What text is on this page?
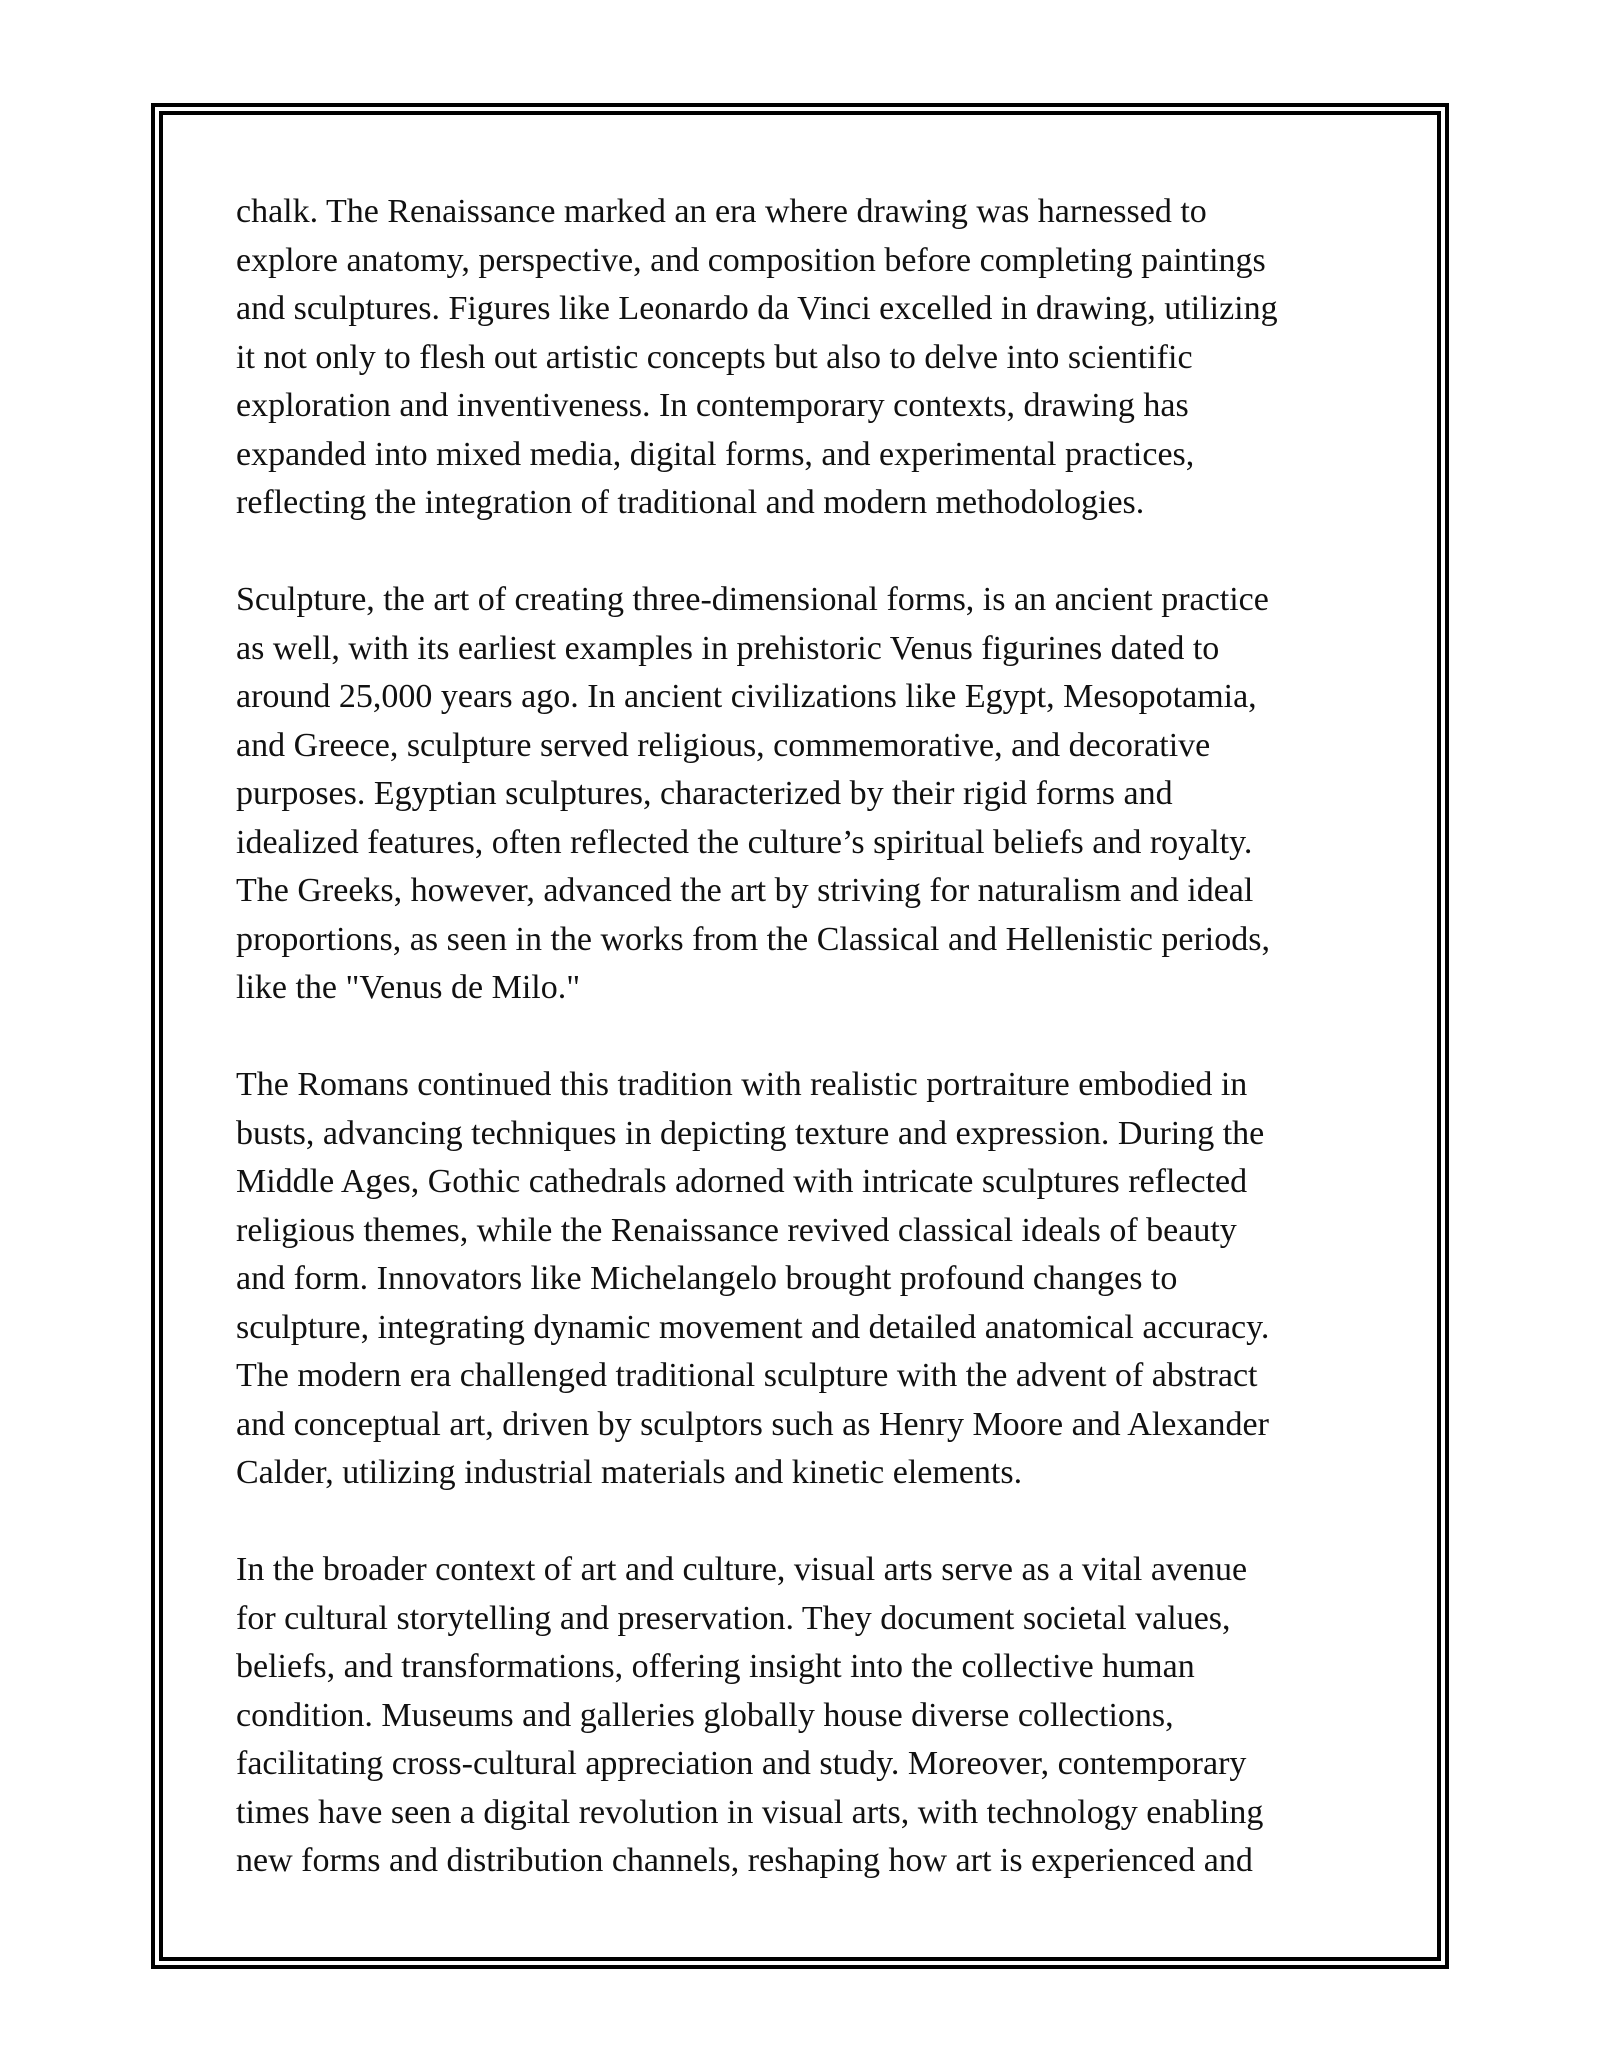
chalk. The Renaissance marked an era where drawing was harnessed to
explore anatomy, perspective, and composition before completing paintings
and sculptures. Figures like Leonardo da Vinci excelled in drawing, utilizing
it not only to flesh out artistic concepts but also to delve into scientific
exploration and inventiveness. In contemporary contexts, drawing has
expanded into mixed media, digital forms, and experimental practices,
reflecting the integration of traditional and modern methodologies.

Sculpture, the art of creating three-dimensional forms, is an ancient practice
as well, with its earliest examples in prehistoric Venus figurines dated to
around 25,000 years ago. In ancient civilizations like Egypt, Mesopotamia,
and Greece, sculpture served religious, commemorative, and decorative
purposes. Egyptian sculptures, characterized by their rigid forms and
idealized features, often reflected the culture’s spiritual beliefs and royalty.
The Greeks, however, advanced the art by striving for naturalism and ideal
proportions, as seen in the works from the Classical and Hellenistic periods,
like the "Venus de Milo."

The Romans continued this tradition with realistic portraiture embodied in
busts, advancing techniques in depicting texture and expression. During the
Middle Ages, Gothic cathedrals adorned with intricate sculptures reflected
religious themes, while the Renaissance revived classical ideals of beauty
and form. Innovators like Michelangelo brought profound changes to
sculpture, integrating dynamic movement and detailed anatomical accuracy.
The modern era challenged traditional sculpture with the advent of abstract
and conceptual art, driven by sculptors such as Henry Moore and Alexander
Calder, utilizing industrial materials and kinetic elements.

In the broader context of art and culture, visual arts serve as a vital avenue
for cultural storytelling and preservation. They document societal values,
beliefs, and transformations, offering insight into the collective human
condition. Museums and galleries globally house diverse collections,
facilitating cross-cultural appreciation and study. Moreover, contemporary
times have seen a digital revolution in visual arts, with technology enabling
new forms and distribution channels, reshaping how art is experienced and
